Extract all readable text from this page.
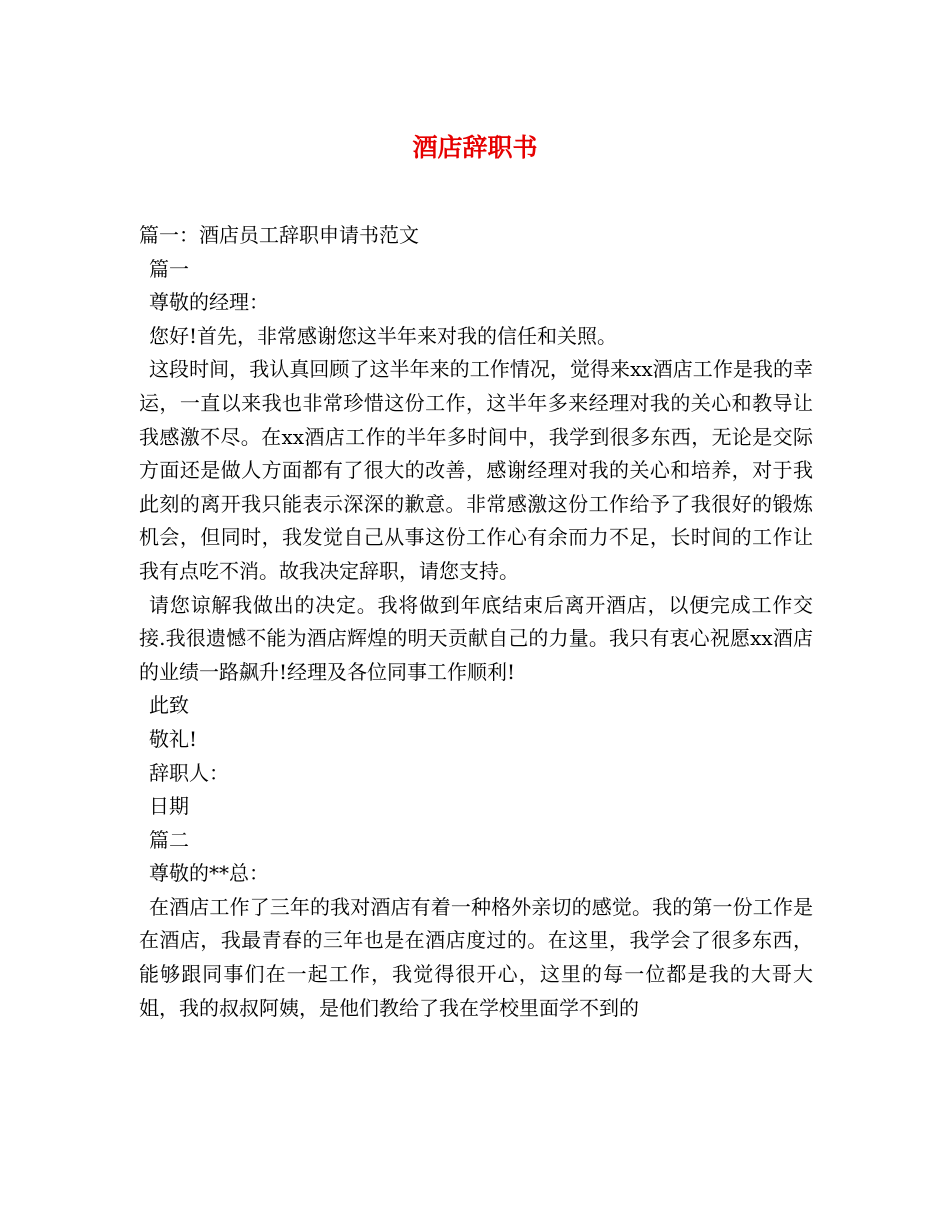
酒店辞职书

篇一：酒店员工辞职申请书范文

篇一

尊敬的经理：

您好!首先，非常感谢您这半年来对我的信任和关照。

这段时间，我认真回顾了这半年来的工作情况，觉得来xx酒店工作是我的幸运，一直以来我也非常珍惜这份工作，这半年多来经理对我的关心和教导让我感激不尽。在xx酒店工作的半年多时间中，我学到很多东西，无论是交际方面还是做人方面都有了很大的改善，感谢经理对我的关心和培养，对于我此刻的离开我只能表示深深的歉意。非常感激这份工作给予了我很好的锻炼机会，但同时，我发觉自己从事这份工作心有余而力不足，长时间的工作让我有点吃不消。故我决定辞职，请您支持。

请您谅解我做出的决定。我将做到年底结束后离开酒店，以便完成工作交接.我很遗憾不能为酒店辉煌的明天贡献自己的力量。我只有衷心祝愿xx酒店的业绩一路飙升!经理及各位同事工作顺利!

此致

敬礼!

辞职人：

日期

篇二

尊敬的**总：

在酒店工作了三年的我对酒店有着一种格外亲切的感觉。我的第一份工作是在酒店，我最青春的三年也是在酒店度过的。在这里，我学会了很多东西，能够跟同事们在一起工作，我觉得很开心，这里的每一位都是我的大哥大姐，我的叔叔阿姨，是他们教给了我在学校里面学不到的
